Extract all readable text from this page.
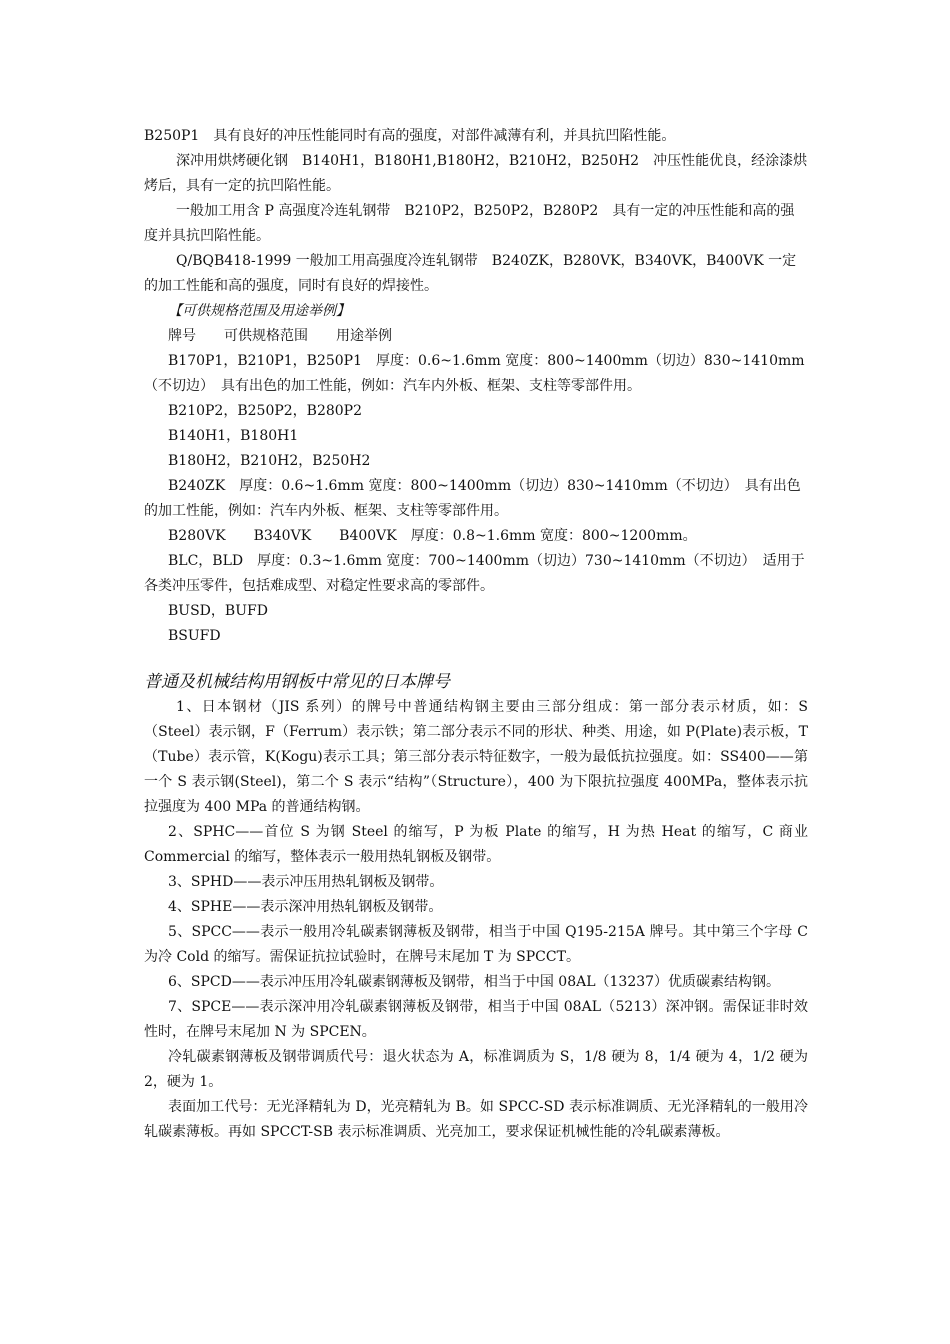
B250P1　具有良好的冲压性能同时有高的强度，对部件减薄有利，并具抗凹陷性能。

深冲用烘烤硬化钢　B140H1，B180H1,B180H2，B210H2，B250H2　冲压性能优良，经涂漆烘烤后，具有一定的抗凹陷性能。

一般加工用含 P 高强度冷连轧钢带　B210P2，B250P2，B280P2　具有一定的冲压性能和高的强度并具抗凹陷性能。

Q/BQB418-1999 一般加工用高强度冷连轧钢带　B240ZK，B280VK，B340VK，B400VK 一定的加工性能和高的强度，同时有良好的焊接性。

【可供规格范围及用途举例】

牌号　　可供规格范围　　用途举例

B170P1，B210P1，B250P1　厚度：0.6~1.6mm 宽度：800~1400mm（切边）830~1410mm（不切边）　具有出色的加工性能，例如：汽车内外板、框架、支柱等零部件用。

B210P2，B250P2，B280P2

B140H1，B180H1

B180H2，B210H2，B250H2

B240ZK　厚度：0.6~1.6mm 宽度：800~1400mm（切边）830~1410mm（不切边）　具有出色的加工性能，例如：汽车内外板、框架、支柱等零部件用。

B280VK　　B340VK　　B400VK　厚度：0.8~1.6mm 宽度：800~1200mm。

BLC，BLD　厚度：0.3~1.6mm 宽度：700~1400mm（切边）730~1410mm（不切边）　适用于各类冲压零件，包括难成型、对稳定性要求高的零部件。

BUSD，BUFD

BSUFD

普通及机械结构用钢板中常见的日本牌号

1、日本钢材（JIS 系列）的牌号中普通结构钢主要由三部分组成：第一部分表示材质，如：S（Steel）表示钢，F（Ferrum）表示铁；第二部分表示不同的形状、种类、用途，如 P(Plate)表示板，T（Tube）表示管，K(Kogu)表示工具；第三部分表示特征数字，一般为最低抗拉强度。如：SS400——第一个 S 表示钢(Steel)，第二个 S 表示“结构”（Structure），400 为下限抗拉强度 400MPa，整体表示抗拉强度为 400 MPa 的普通结构钢。

2、SPHC——首位 S 为钢 Steel 的缩写，P 为板 Plate 的缩写，H 为热 Heat 的缩写，C 商业 Commercial 的缩写，整体表示一般用热轧钢板及钢带。

3、SPHD——表示冲压用热轧钢板及钢带。

4、SPHE——表示深冲用热轧钢板及钢带。

5、SPCC——表示一般用冷轧碳素钢薄板及钢带，相当于中国 Q195-215A 牌号。其中第三个字母 C 为冷 Cold 的缩写。需保证抗拉试验时，在牌号末尾加 T 为 SPCCT。

6、SPCD——表示冲压用冷轧碳素钢薄板及钢带，相当于中国 08AL（13237）优质碳素结构钢。

7、SPCE——表示深冲用冷轧碳素钢薄板及钢带，相当于中国 08AL（5213）深冲钢。需保证非时效性时，在牌号末尾加 N 为 SPCEN。

冷轧碳素钢薄板及钢带调质代号：退火状态为 A，标准调质为 S，1/8 硬为 8，1/4 硬为 4，1/2 硬为 2，硬为 1。

表面加工代号：无光泽精轧为 D，光亮精轧为 B。如 SPCC-SD 表示标准调质、无光泽精轧的一般用冷轧碳素薄板。再如 SPCCT-SB 表示标准调质、光亮加工，要求保证机械性能的冷轧碳素薄板。
